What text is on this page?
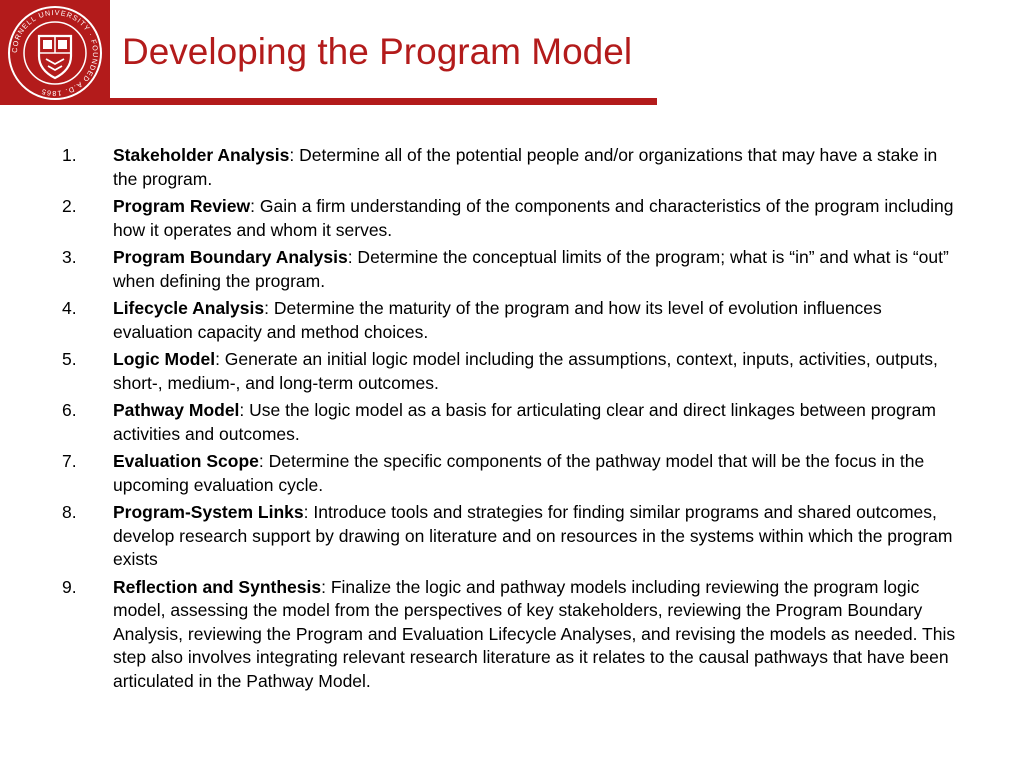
CORNELL UNIVERSITY · FOUNDED A.D. 1865
Developing the Program Model
1. Stakeholder Analysis: Determine all of the potential people and/or organizations that may have a stake in the program.
2. Program Review: Gain a firm understanding of the components and characteristics of the program including how it operates and whom it serves.
3. Program Boundary Analysis: Determine the conceptual limits of the program; what is “in” and what is “out” when defining the program.
4. Lifecycle Analysis: Determine the maturity of the program and how its level of evolution influences evaluation capacity and method choices.
5. Logic Model: Generate an initial logic model including the assumptions, context, inputs, activities, outputs, short-, medium-, and long-term outcomes.
6. Pathway Model: Use the logic model as a basis for articulating clear and direct linkages between program activities and outcomes.
7. Evaluation Scope: Determine the specific components of the pathway model that will be the focus in the upcoming evaluation cycle.
8. Program-System Links: Introduce tools and strategies for finding similar programs and shared outcomes, develop research support by drawing on literature and on resources in the systems within which the program exists
9. Reflection and Synthesis: Finalize the logic and pathway models including reviewing the program logic model, assessing the model from the perspectives of key stakeholders, reviewing the Program Boundary Analysis, reviewing the Program and Evaluation Lifecycle Analyses, and revising the models as needed. This step also involves integrating relevant research literature as it relates to the causal pathways that have been articulated in the Pathway Model.
